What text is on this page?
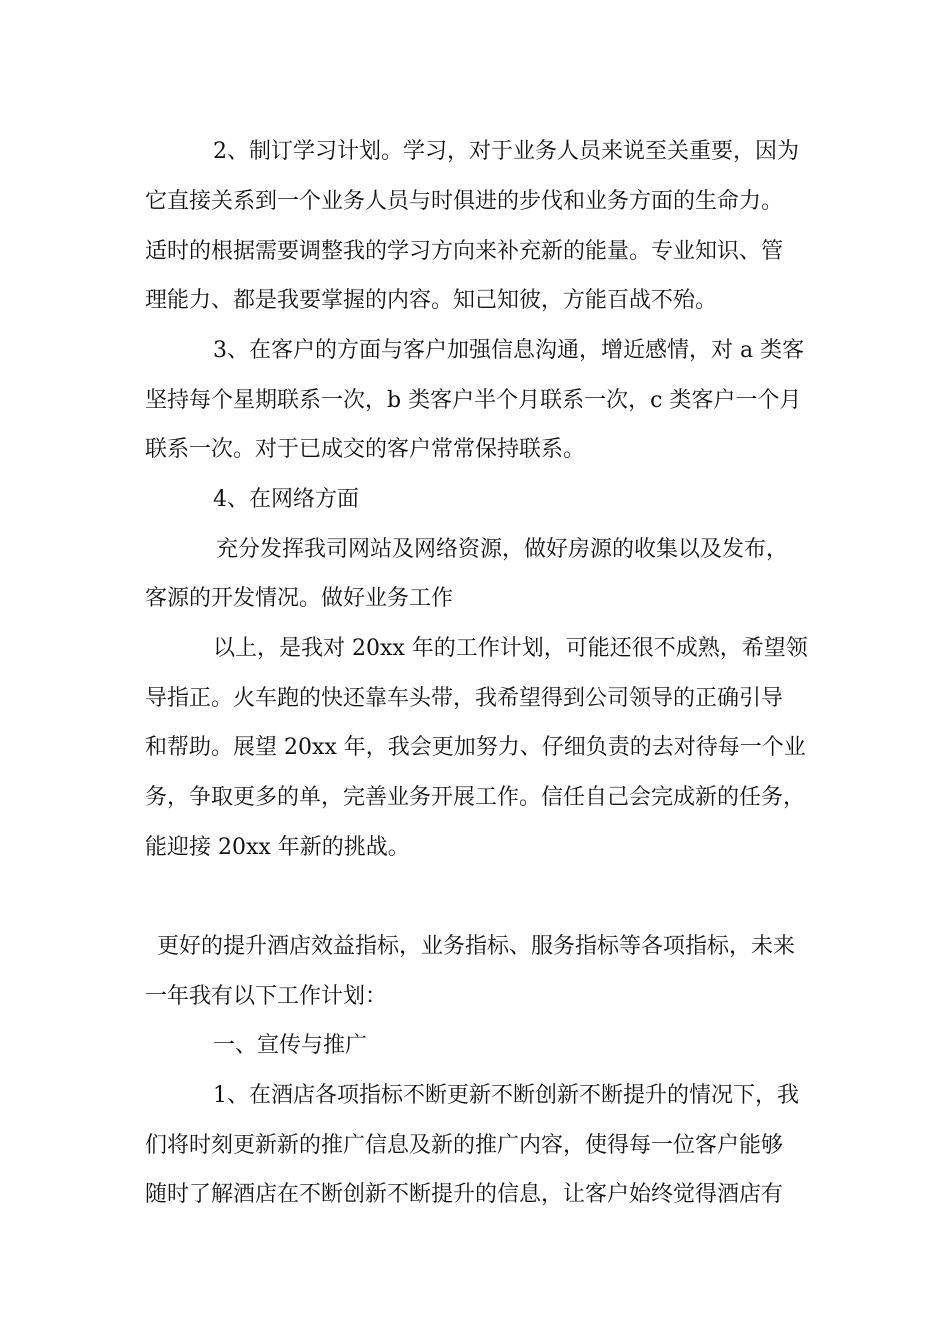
2、制订学习计划。学习，对于业务人员来说至关重要，因为

它直接关系到一个业务人员与时俱进的步伐和业务方面的生命力。

适时的根据需要调整我的学习方向来补充新的能量。专业知识、管

理能力、都是我要掌握的内容。知己知彼，方能百战不殆。

3、在客户的方面与客户加强信息沟通，增近感情，对 a 类客

坚持每个星期联系一次，b 类客户半个月联系一次，c 类客户一个月

联系一次。对于已成交的客户常常保持联系。

4、在网络方面

充分发挥我司网站及网络资源，做好房源的收集以及发布，

客源的开发情况。做好业务工作

以上，是我对 20xx 年的工作计划，可能还很不成熟，希望领

导指正。火车跑的快还靠车头带，我希望得到公司领导的正确引导

和帮助。展望 20xx 年，我会更加努力、仔细负责的去对待每一个业

务，争取更多的单，完善业务开展工作。信任自己会完成新的任务，

能迎接 20xx 年新的挑战。

更好的提升酒店效益指标，业务指标、服务指标等各项指标，未来

一年我有以下工作计划：

一、宣传与推广

1、在酒店各项指标不断更新不断创新不断提升的情况下，我

们将时刻更新新的推广信息及新的推广内容，使得每一位客户能够

随时了解酒店在不断创新不断提升的信息，让客户始终觉得酒店有
